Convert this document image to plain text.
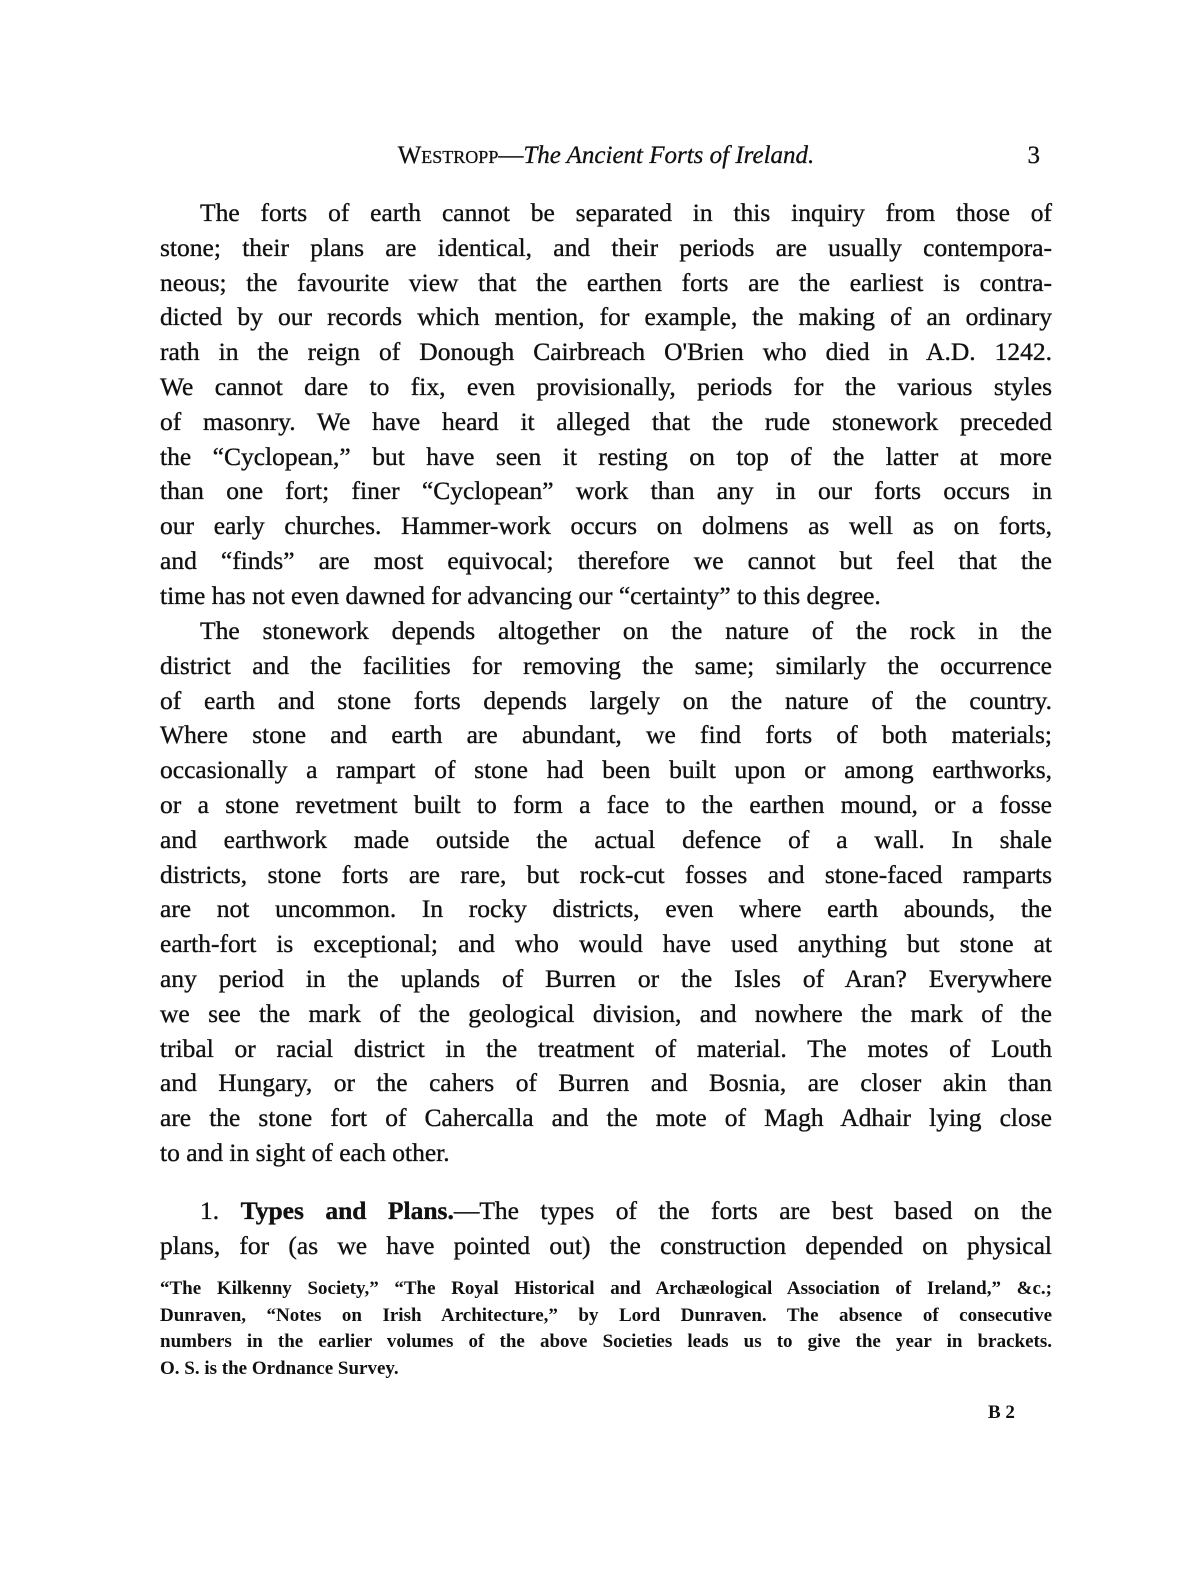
Westropp—The Ancient Forts of Ireland.	3
The forts of earth cannot be separated in this inquiry from those of
stone; their plans are identical, and their periods are usually contempora-
neous; the favourite view that the earthen forts are the earliest is contra-
dicted by our records which mention, for example, the making of an ordinary
rath in the reign of Donough Cairbreach O'Brien who died in A.D. 1242.
We cannot dare to fix, even provisionally, periods for the various styles
of masonry. We have heard it alleged that the rude stonework preceded
the “Cyclopean,” but have seen it resting on top of the latter at more
than one fort; finer “Cyclopean” work than any in our forts occurs in
our early churches. Hammer-work occurs on dolmens as well as on forts,
and “finds” are most equivocal; therefore we cannot but feel that the
time has not even dawned for advancing our “certainty” to this degree.
The stonework depends altogether on the nature of the rock in the
district and the facilities for removing the same; similarly the occurrence
of earth and stone forts depends largely on the nature of the country.
Where stone and earth are abundant, we find forts of both materials;
occasionally a rampart of stone had been built upon or among earthworks,
or a stone revetment built to form a face to the earthen mound, or a fosse
and earthwork made outside the actual defence of a wall. In shale
districts, stone forts are rare, but rock-cut fosses and stone-faced ramparts
are not uncommon. In rocky districts, even where earth abounds, the
earth-fort is exceptional; and who would have used anything but stone at
any period in the uplands of Burren or the Isles of Aran? Everywhere
we see the mark of the geological division, and nowhere the mark of the
tribal or racial district in the treatment of material. The motes of Louth
and Hungary, or the cahers of Burren and Bosnia, are closer akin than
are the stone fort of Cahercalla and the mote of Magh Adhair lying close
to and in sight of each other.
1. Types and Plans.—The types of the forts are best based on the
plans, for (as we have pointed out) the construction depended on physical
“The Kilkenny Society,” “The Royal Historical and Archæological Association of Ireland,” &c.;
Dunraven, “Notes on Irish Architecture,” by Lord Dunraven. The absence of consecutive
numbers in the earlier volumes of the above Societies leads us to give the year in brackets.
O. S. is the Ordnance Survey.
B 2
